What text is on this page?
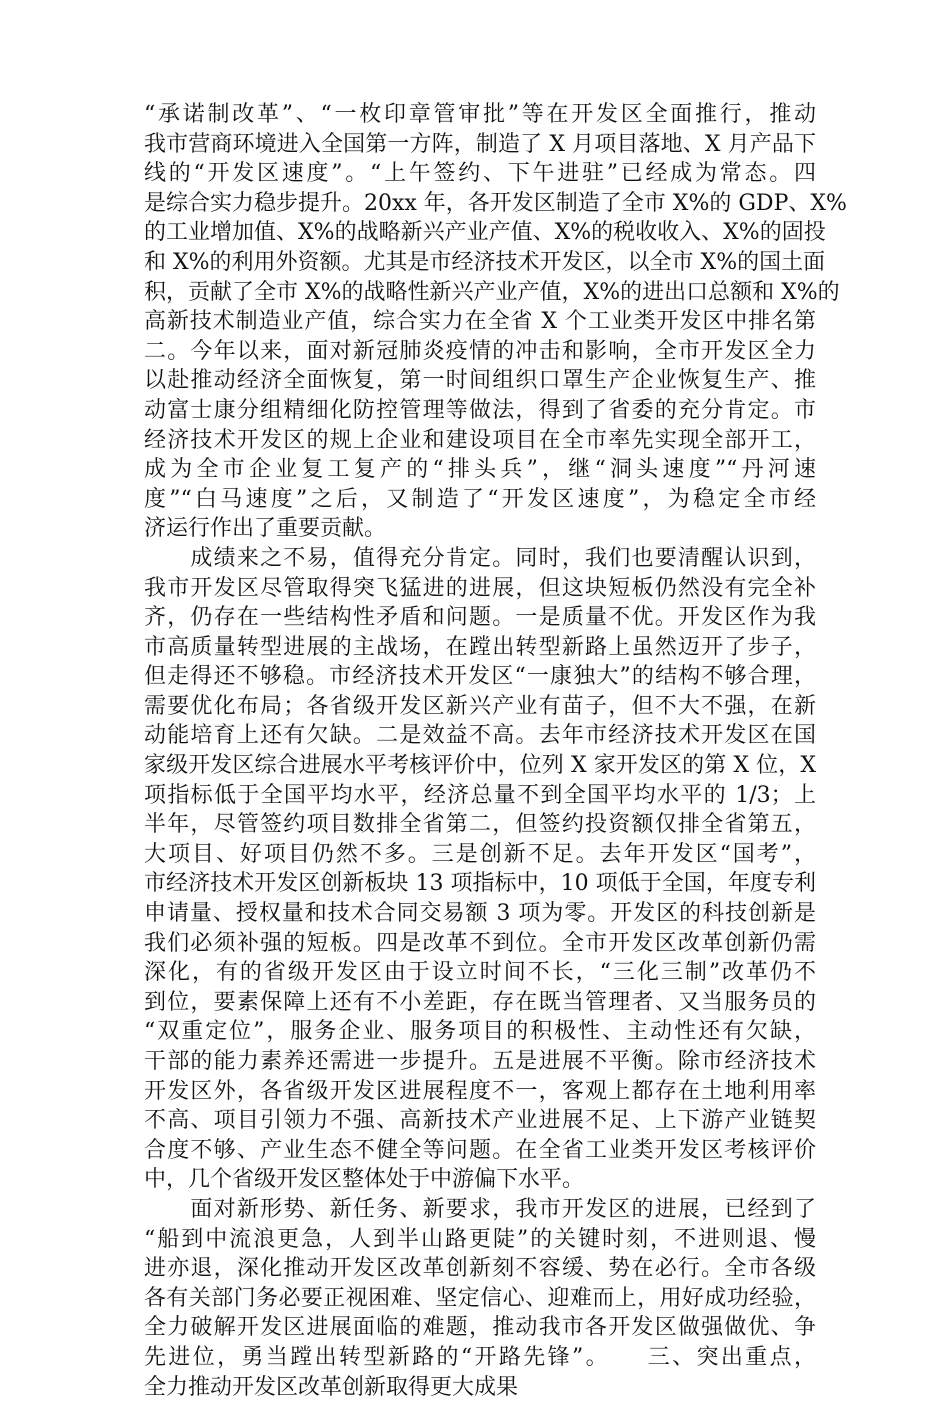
“承诺制改革”、“一枚印章管审批”等在开发区全面推行，推动
我市营商环境进入全国第一方阵，制造了 X 月项目落地、X 月产品下
线的“开发区速度”。“上午签约、下午进驻”已经成为常态。四
是综合实力稳步提升。20xx 年，各开发区制造了全市 X%的 GDP、X%
的工业增加值、X%的战略新兴产业产值、X%的税收收入、X%的固投
和 X%的利用外资额。尤其是市经济技术开发区，以全市 X%的国土面
积，贡献了全市 X%的战略性新兴产业产值，X%的进出口总额和 X%的
高新技术制造业产值，综合实力在全省 X 个工业类开发区中排名第
二。今年以来，面对新冠肺炎疫情的冲击和影响，全市开发区全力
以赴推动经济全面恢复，第一时间组织口罩生产企业恢复生产、推
动富士康分组精细化防控管理等做法，得到了省委的充分肯定。市
经济技术开发区的规上企业和建设项目在全市率先实现全部开工，
成为全市企业复工复产的“排头兵”，继“洞头速度”“丹河速
度”“白马速度”之后，又制造了“开发区速度”，为稳定全市经
济运行作出了重要贡献。
　　成绩来之不易，值得充分肯定。同时，我们也要清醒认识到，
我市开发区尽管取得突飞猛进的进展，但这块短板仍然没有完全补
齐，仍存在一些结构性矛盾和问题。一是质量不优。开发区作为我
市高质量转型进展的主战场，在蹚出转型新路上虽然迈开了步子，
但走得还不够稳。市经济技术开发区“一康独大”的结构不够合理，
需要优化布局；各省级开发区新兴产业有苗子，但不大不强，在新
动能培育上还有欠缺。二是效益不高。去年市经济技术开发区在国
家级开发区综合进展水平考核评价中，位列 X 家开发区的第 X 位，X
项指标低于全国平均水平，经济总量不到全国平均水平的 1/3；上
半年，尽管签约项目数排全省第二，但签约投资额仅排全省第五，
大项目、好项目仍然不多。三是创新不足。去年开发区“国考”，
市经济技术开发区创新板块 13 项指标中，10 项低于全国，年度专利
申请量、授权量和技术合同交易额 3 项为零。开发区的科技创新是
我们必须补强的短板。四是改革不到位。全市开发区改革创新仍需
深化，有的省级开发区由于设立时间不长，“三化三制”改革仍不
到位，要素保障上还有不小差距，存在既当管理者、又当服务员的
“双重定位”，服务企业、服务项目的积极性、主动性还有欠缺，
干部的能力素养还需进一步提升。五是进展不平衡。除市经济技术
开发区外，各省级开发区进展程度不一，客观上都存在土地利用率
不高、项目引领力不强、高新技术产业进展不足、上下游产业链契
合度不够、产业生态不健全等问题。在全省工业类开发区考核评价
中，几个省级开发区整体处于中游偏下水平。
　　面对新形势、新任务、新要求，我市开发区的进展，已经到了
“船到中流浪更急，人到半山路更陡”的关键时刻，不进则退、慢
进亦退，深化推动开发区改革创新刻不容缓、势在必行。全市各级
各有关部门务必要正视困难、坚定信心、迎难而上，用好成功经验，
全力破解开发区进展面临的难题，推动我市各开发区做强做优、争
先进位，勇当蹚出转型新路的“开路先锋”。　　三、突出重点，
全力推动开发区改革创新取得更大成果
